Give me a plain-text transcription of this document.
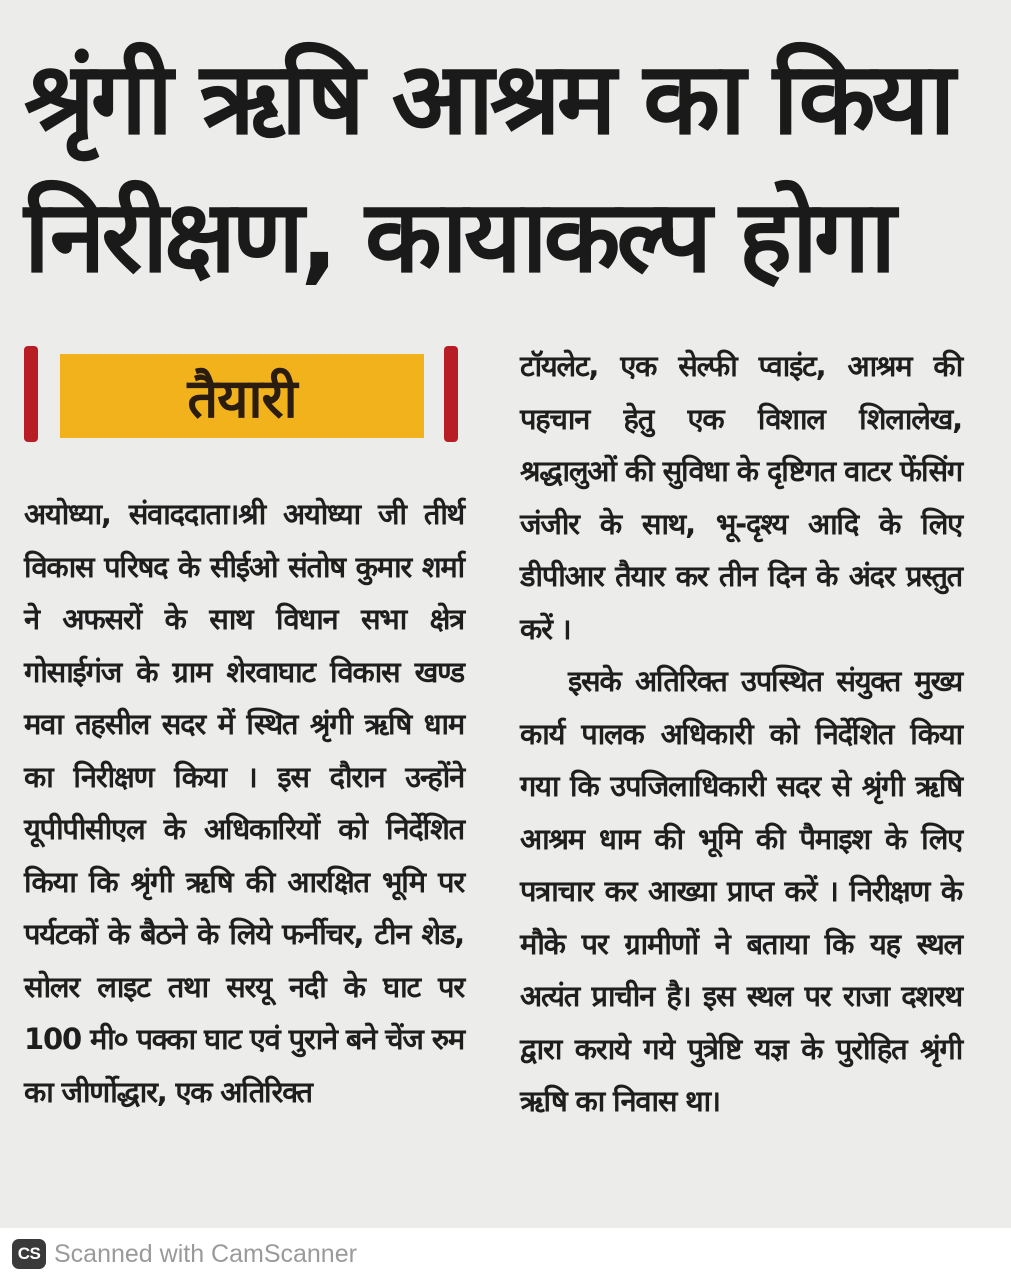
श्रृंगी ऋषि आश्रम का किया
निरीक्षण, कायाकल्प होगा
तैयारी

अयोध्या, संवाददाता।श्री अयोध्या जी तीर्थ विकास परिषद के सीईओ संतोष कुमार शर्मा ने अफसरों के साथ विधान सभा क्षेत्र गोसाईगंज के ग्राम शेरवाघाट विकास खण्ड मवा तहसील सदर में स्थित श्रृंगी ऋषि धाम का निरीक्षण किया । इस दौरान उन्होंने यूपीपीसीएल के अधिकारियों को निर्देशित किया कि श्रृंगी ऋषि की आरक्षित भूमि पर पर्यटकों के बैठने के लिये फर्नीचर, टीन शेड, सोलर लाइट तथा सरयू नदी के घाट पर 100 मी० पक्का घाट एवं पुराने बने चेंज रुम का जीर्णोद्धार, एक अतिरिक्त

टॉयलेट, एक सेल्फी प्वाइंट, आश्रम की पहचान हेतु एक विशाल शिलालेख, श्रद्धालुओं की सुविधा के दृष्टिगत वाटर फेंसिंग जंजीर के साथ, भू-दृश्य आदि के लिए डीपीआर तैयार कर तीन दिन के अंदर प्रस्तुत करें ।

इसके अतिरिक्त उपस्थित संयुक्त मुख्य कार्य पालक अधिकारी को निर्देशित किया गया कि उपजिलाधिकारी सदर से श्रृंगी ऋषि आश्रम धाम की भूमि की पैमाइश के लिए पत्राचार कर आख्या प्राप्त करें । निरीक्षण के मौके पर ग्रामीणों ने बताया कि यह स्थल अत्यंत प्राचीन है। इस स्थल पर राजा दशरथ द्वारा कराये गये पुत्रेष्टि यज्ञ के पुरोहित श्रृंगी ऋषि का निवास था।

CS Scanned with CamScanner
